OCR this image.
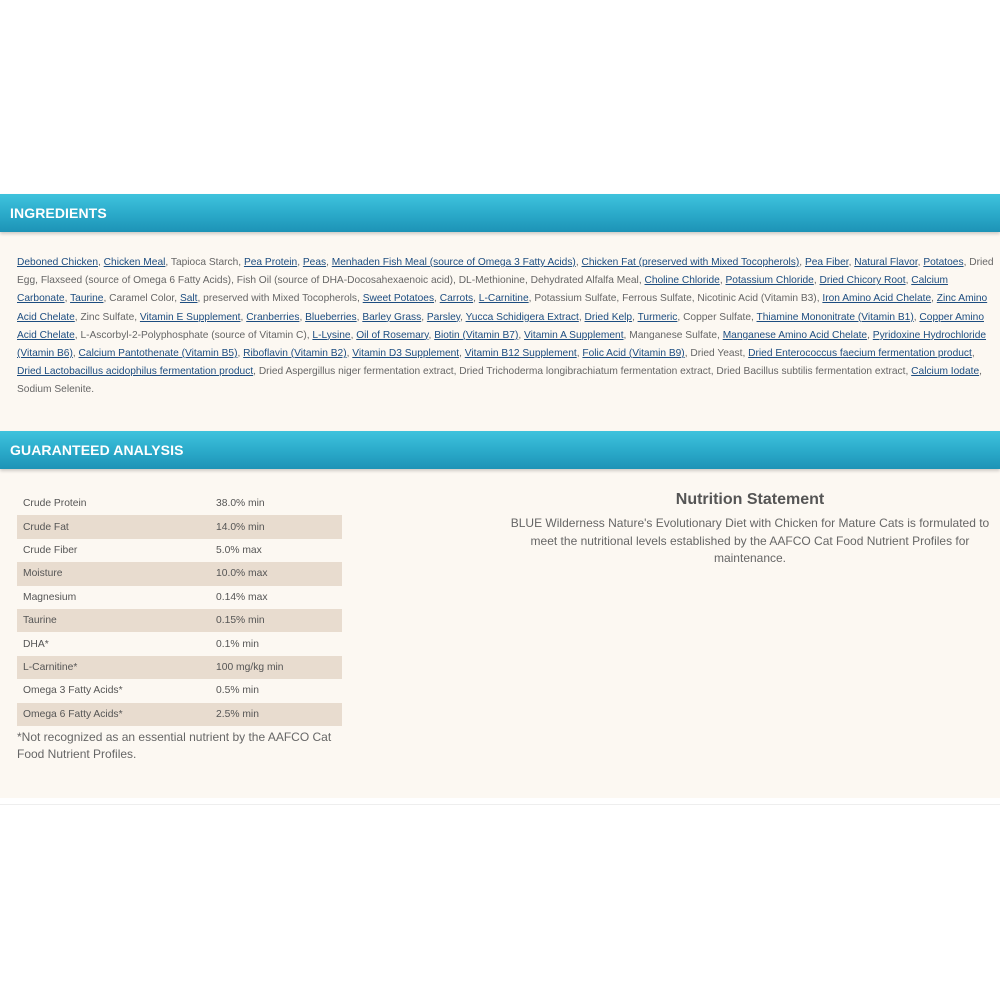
INGREDIENTS
Deboned Chicken, Chicken Meal, Tapioca Starch, Pea Protein, Peas, Menhaden Fish Meal (source of Omega 3 Fatty Acids), Chicken Fat (preserved with Mixed Tocopherols), Pea Fiber, Natural Flavor, Potatoes, Dried Egg, Flaxseed (source of Omega 6 Fatty Acids), Fish Oil (source of DHA-Docosahexaenoic acid), DL-Methionine, Dehydrated Alfalfa Meal, Choline Chloride, Potassium Chloride, Dried Chicory Root, Calcium Carbonate, Taurine, Caramel Color, Salt, preserved with Mixed Tocopherols, Sweet Potatoes, Carrots, L-Carnitine, Potassium Sulfate, Ferrous Sulfate, Nicotinic Acid (Vitamin B3), Iron Amino Acid Chelate, Zinc Amino Acid Chelate, Zinc Sulfate, Vitamin E Supplement, Cranberries, Blueberries, Barley Grass, Parsley, Yucca Schidigera Extract, Dried Kelp, Turmeric, Copper Sulfate, Thiamine Mononitrate (Vitamin B1), Copper Amino Acid Chelate, L-Ascorbyl-2-Polyphosphate (source of Vitamin C), L-Lysine, Oil of Rosemary, Biotin (Vitamin B7), Vitamin A Supplement, Manganese Sulfate, Manganese Amino Acid Chelate, Pyridoxine Hydrochloride (Vitamin B6), Calcium Pantothenate (Vitamin B5), Riboflavin (Vitamin B2), Vitamin D3 Supplement, Vitamin B12 Supplement, Folic Acid (Vitamin B9), Dried Yeast, Dried Enterococcus faecium fermentation product, Dried Lactobacillus acidophilus fermentation product, Dried Aspergillus niger fermentation extract, Dried Trichoderma longibrachiatum fermentation extract, Dried Bacillus subtilis fermentation extract, Calcium Iodate, Sodium Selenite.
GUARANTEED ANALYSIS
Crude Protein	38.0% min
Crude Fat	14.0% min
Crude Fiber	5.0% max
Moisture	10.0% max
Magnesium	0.14% max
Taurine	0.15% min
DHA*	0.1% min
L-Carnitine*	100 mg/kg min
Omega 3 Fatty Acids*	0.5% min
Omega 6 Fatty Acids*	2.5% min
*Not recognized as an essential nutrient by the AAFCO Cat Food Nutrient Profiles.
Nutrition Statement

BLUE Wilderness Nature's Evolutionary Diet with Chicken for Mature Cats is formulated to meet the nutritional levels established by the AAFCO Cat Food Nutrient Profiles for maintenance.
